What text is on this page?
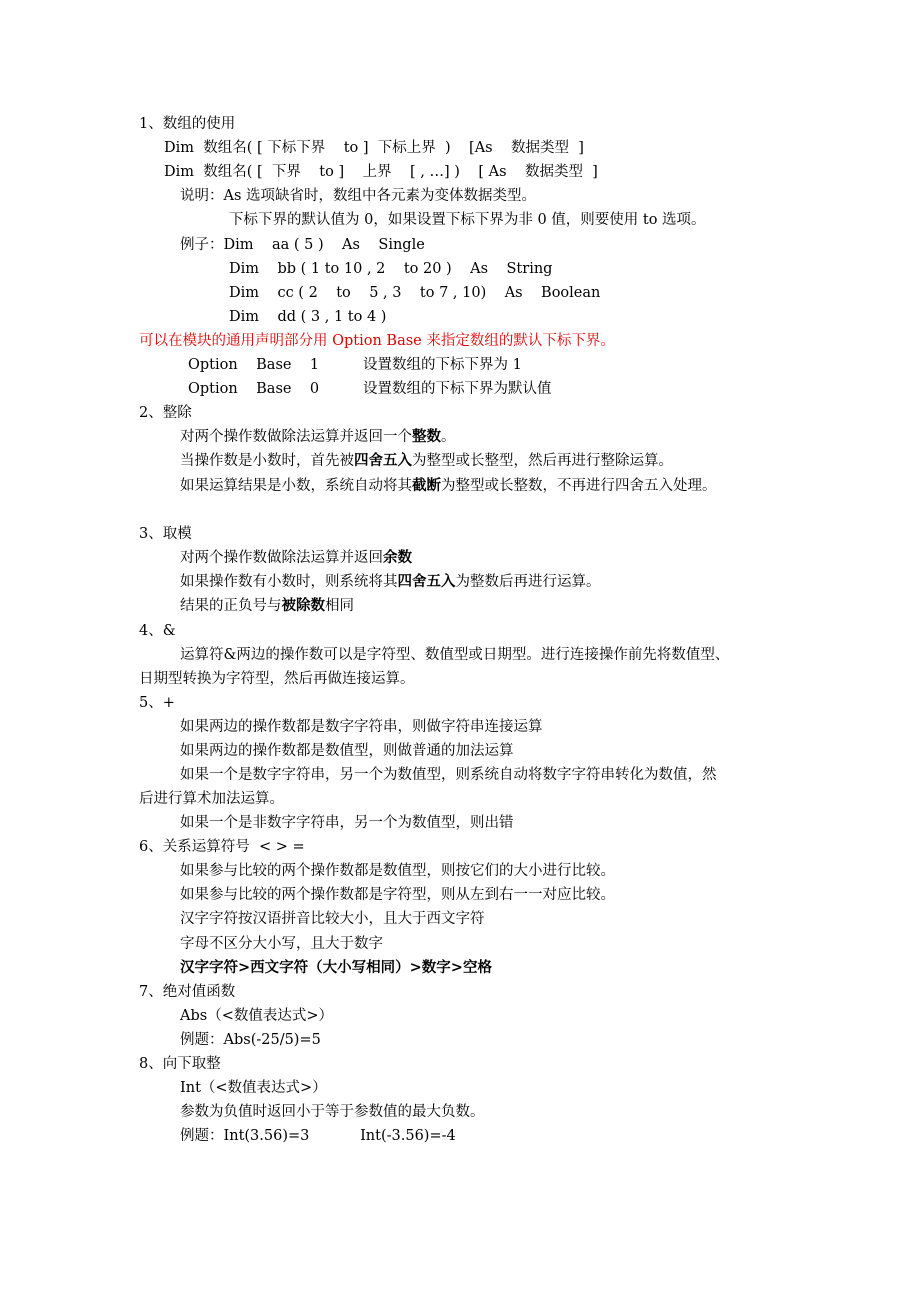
1、数组的使用
Dim  数组名( [ 下标下界    to ]  下标上界  )    [As    数据类型  ]
Dim  数组名( [  下界    to ]    上界    [ , …] )    [ As    数据类型  ]
说明：As 选项缺省时，数组中各元素为变体数据类型。
下标下界的默认值为 0，如果设置下标下界为非 0 值，则要使用 to 选项。
例子：Dim    aa ( 5 )    As    Single
Dim    bb ( 1 to 10 , 2    to 20 )    As    String
Dim    cc ( 2    to    5 , 3    to 7 , 10)    As    Boolean
Dim    dd ( 3 , 1 to 4 )
可以在模块的通用声明部分用 Option Base 来指定数组的默认下标下界。
Option    Base    1	设置数组的下标下界为 1
Option    Base    0	设置数组的下标下界为默认值
2、整除
对两个操作数做除法运算并返回一个整数。
当操作数是小数时，首先被四舍五入为整型或长整型，然后再进行整除运算。
如果运算结果是小数，系统自动将其截断为整型或长整数，不再进行四舍五入处理。
3、取模
对两个操作数做除法运算并返回余数
如果操作数有小数时，则系统将其四舍五入为整数后再进行运算。
结果的正负号与被除数相同
4、&
运算符&两边的操作数可以是字符型、数值型或日期型。进行连接操作前先将数值型、
日期型转换为字符型，然后再做连接运算。
5、+
如果两边的操作数都是数字字符串，则做字符串连接运算
如果两边的操作数都是数值型，则做普通的加法运算
如果一个是数字字符串，另一个为数值型，则系统自动将数字字符串转化为数值，然
后进行算术加法运算。
如果一个是非数字字符串，另一个为数值型，则出错
6、关系运算符号  < > =
如果参与比较的两个操作数都是数值型，则按它们的大小进行比较。
如果参与比较的两个操作数都是字符型，则从左到右一一对应比较。
汉字字符按汉语拼音比较大小，且大于西文字符
字母不区分大小写，且大于数字
汉字字符>西文字符（大小写相同）>数字>空格
7、绝对值函数
Abs（<数值表达式>）
例题：Abs(-25/5)=5
8、向下取整
Int（<数值表达式>）
参数为负值时返回小于等于参数值的最大负数。
例题：Int(3.56)=3           Int(-3.56)=-4
